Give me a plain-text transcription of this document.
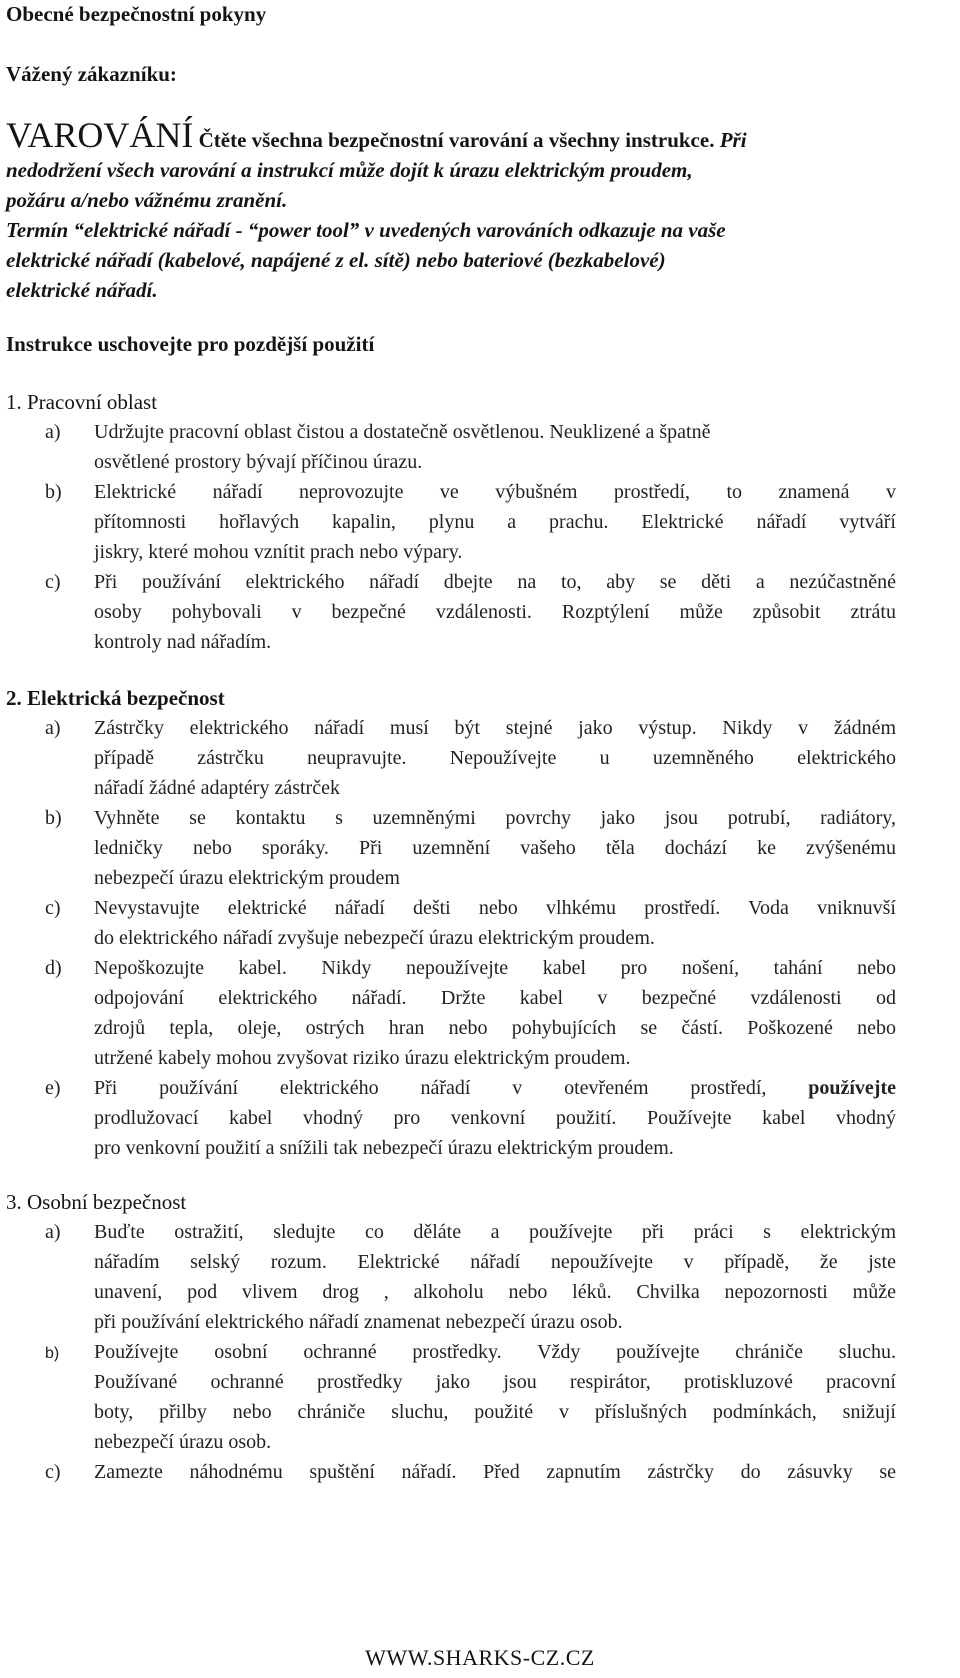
Obecné bezpečnostní pokyny
Vážený zákazníku:
VAROVÁNÍ Čtěte všechna bezpečnostní varování a všechny instrukce. Při
nedodržení všech varování a instrukcí může dojít k úrazu elektrickým proudem,
požáru a/nebo vážnému zranění.
Termín “elektrické nářadí - “power tool” v uvedených varováních odkazuje na vaše
elektrické nářadí (kabelové, napájené z el. sítě) nebo bateriové (bezkabelové)
elektrické nářadí.
Instrukce uschovejte pro pozdější použití
1. Pracovní oblast
a) Udržujte pracovní oblast čistou a dostatečně osvětlenou. Neuklizené a špatně
osvětlené prostory bývají příčinou úrazu.
b) Elektrické nářadí neprovozujte ve výbušném prostředí, to znamená v
přítomnosti hořlavých kapalin, plynu a prachu. Elektrické nářadí vytváří
jiskry, které mohou vznítit prach nebo výpary.
c) Při používání elektrického nářadí dbejte na to, aby se děti a nezúčastněné
osoby pohybovali v bezpečné vzdálenosti. Rozptýlení může způsobit ztrátu
kontroly nad nářadím.
2. Elektrická bezpečnost
a) Zástrčky elektrického nářadí musí být stejné jako výstup. Nikdy v žádném
případě zástrčku neupravujte. Nepoužívejte u uzemněného elektrického
nářadí žádné adaptéry zástrček
b) Vyhněte se kontaktu s uzemněnými povrchy jako jsou potrubí, radiátory,
ledničky nebo sporáky. Při uzemnění vašeho těla dochází ke zvýšenému
nebezpečí úrazu elektrickým proudem
c) Nevystavujte elektrické nářadí dešti nebo vlhkému prostředí. Voda vniknuvší
do elektrického nářadí zvyšuje nebezpečí úrazu elektrickým proudem.
d) Nepoškozujte kabel. Nikdy nepoužívejte kabel pro nošení, tahání nebo
odpojování elektrického nářadí. Držte kabel v bezpečné vzdálenosti od
zdrojů tepla, oleje, ostrých hran nebo pohybujících se částí. Poškozené nebo
utržené kabely mohou zvyšovat riziko úrazu elektrickým proudem.
e) Při používání elektrického nářadí v otevřeném prostředí, používejte
prodlužovací kabel vhodný pro venkovní použití. Používejte kabel vhodný
pro venkovní použití a snížili tak nebezpečí úrazu elektrickým proudem.
3. Osobní bezpečnost
a) Buďte ostražití, sledujte co děláte a používejte při práci s elektrickým
nářadím selský rozum. Elektrické nářadí nepoužívejte v případě, že jste
unavení, pod vlivem drog , alkoholu nebo léků. Chvilka nepozornosti může
při používání elektrického nářadí znamenat nebezpečí úrazu osob.
b) Používejte osobní ochranné prostředky. Vždy používejte chrániče sluchu.
Používané ochranné prostředky jako jsou respirátor, protiskluzové pracovní
boty, přilby nebo chrániče sluchu, použité v příslušných podmínkách, snižují
nebezpečí úrazu osob.
c) Zamezte náhodnému spuštění nářadí. Před zapnutím zástrčky do zásuvky se
WWW.SHARKS-CZ.CZ
